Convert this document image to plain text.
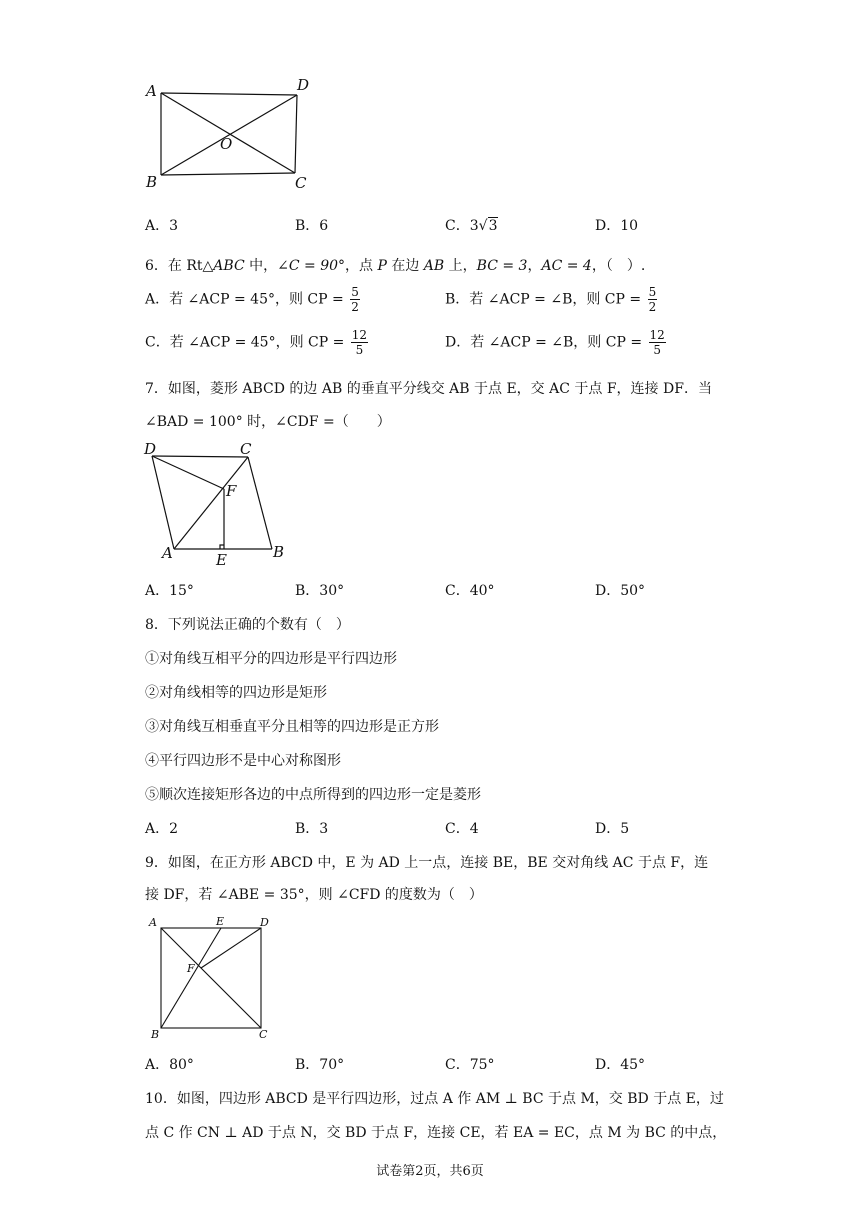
A	D
B	C
O
A．3	B．6	C．3√3	D．10
6．在 Rt△ABC 中，∠C = 90°，点 P 在边 AB 上，BC = 3，AC = 4，（　）.
A．若 ∠ACP = 45°，则 CP = $\frac{5}{2}$	B．若 ∠ACP = ∠B，则 CP = $\frac{5}{2}$
C．若 ∠ACP = 45°，则 CP = $\frac{12}{5}$	D．若 ∠ACP = ∠B，则 CP = $\frac{12}{5}$
7．如图，菱形 ABCD 的边 AB 的垂直平分线交 AB 于点 E，交 AC 于点 F，连接 DF．当
∠BAD = 100° 时，∠CDF =（　　）
D	C
F
A	E	B
A．15°	B．30°	C．40°	D．50°
8．下列说法正确的个数有（　）
①对角线互相平分的四边形是平行四边形
②对角线相等的四边形是矩形
③对角线互相垂直平分且相等的四边形是正方形
④平行四边形不是中心对称图形
⑤顺次连接矩形各边的中点所得到的四边形一定是菱形
A．2	B．3	C．4	D．5
9．如图，在正方形 ABCD 中，E 为 AD 上一点，连接 BE，BE 交对角线 AC 于点 F，连
接 DF，若 ∠ABE = 35°，则 ∠CFD 的度数为（　）
A	E	D
F
B	C
A．80°	B．70°	C．75°	D．45°
10．如图，四边形 ABCD 是平行四边形，过点 A 作 AM ⊥ BC 于点 M，交 BD 于点 E，过
点 C 作 CN ⊥ AD 于点 N，交 BD 于点 F，连接 CE，若 EA = EC，点 M 为 BC 的中点，
试卷第2页，共6页
